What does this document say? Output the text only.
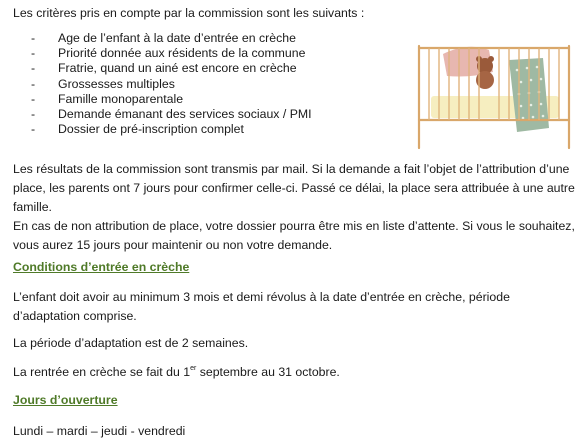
Les critères pris en compte par la commission sont les suivants :

- Age de l’enfant à la date d’entrée en crèche
- Priorité donnée aux résidents de la commune
- Fratrie, quand un ainé est encore en crèche
- Grossesses multiples
- Famille monoparentale
- Demande émanant des services sociaux / PMI
- Dossier de pré-inscription complet

Les résultats de la commission sont transmis par mail. Si la demande a fait l’objet de l’attribution d’une place, les parents ont 7 jours pour confirmer celle-ci. Passé ce délai, la place sera attribuée à une autre famille.
En cas de non attribution de place, votre dossier pourra être mis en liste d’attente. Si vous le souhaitez, vous aurez 15 jours pour maintenir ou non votre demande.

Conditions d’entrée en crèche

L’enfant doit avoir au minimum 3 mois et demi révolus à la date d’entrée en crèche, période d’adaptation comprise.

La période d’adaptation est de 2 semaines.

La rentrée en crèche se fait du 1er septembre au 31 octobre.

Jours d’ouverture

Lundi – mardi – jeudi - vendredi
